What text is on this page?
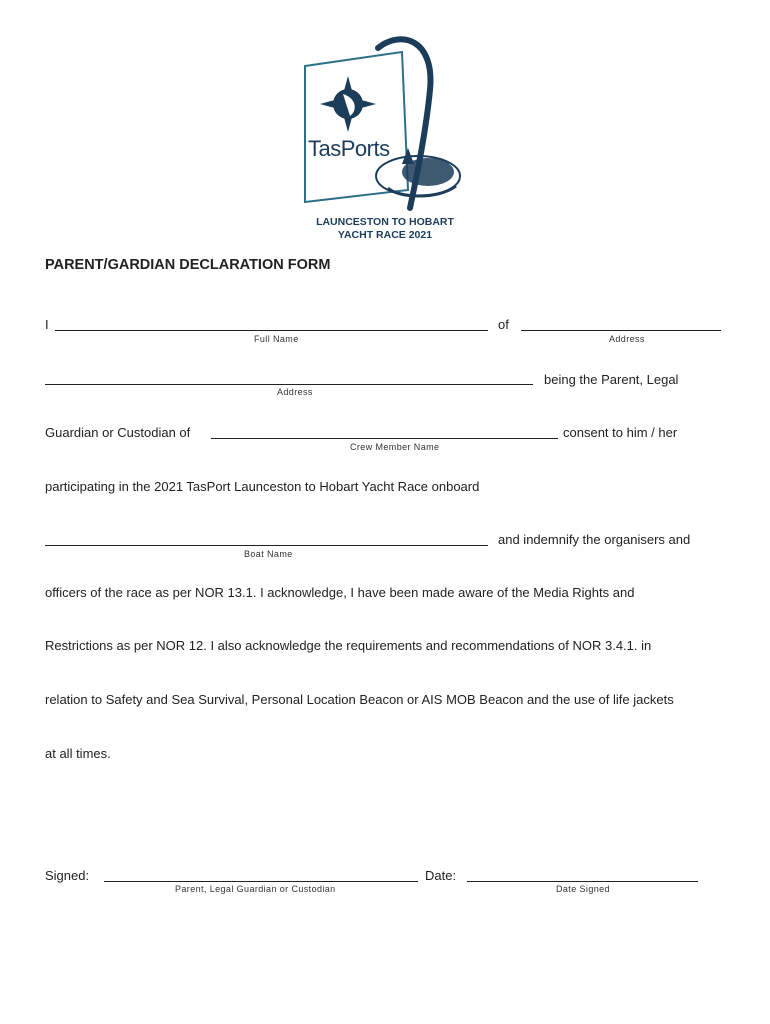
TasPorts
LAUNCESTON TO HOBART
YACHT RACE 2021
PARENT/GARDIAN DECLARATION FORM
I	of
Full Name	Address
being the Parent, Legal
Address
Guardian or Custodian of	consent to him / her
Crew Member Name
participating in the 2021 TasPort Launceston to Hobart Yacht Race onboard
and indemnify the organisers and
Boat Name
officers of the race as per NOR 13.1. I acknowledge, I have been made aware of the Media Rights and
Restrictions as per NOR 12. I also acknowledge the requirements and recommendations of NOR 3.4.1. in
relation to Safety and Sea Survival, Personal Location Beacon or AIS MOB Beacon and the use of life jackets
at all times.
Signed:	Date:
Parent, Legal Guardian or Custodian	Date Signed
